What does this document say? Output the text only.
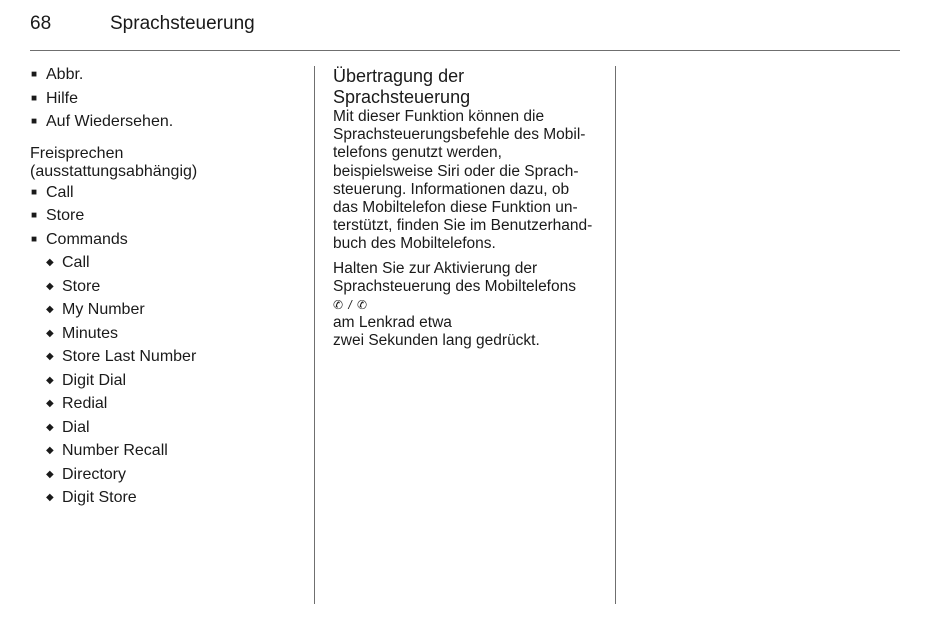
68	Sprachsteuerung
■ Abbr.
■ Hilfe
■ Auf Wiedersehen.
Freisprechen
(ausstattungsabhängig)
■ Call
■ Store
■ Commands
◆ Call
◆ Store
◆ My Number
◆ Minutes
◆ Store Last Number
◆ Digit Dial
◆ Redial
◆ Dial
◆ Number Recall
◆ Directory
◆ Digit Store
Übertragung der
Sprachsteuerung

Mit dieser Funktion können die
Sprachsteuerungsbefehle des Mobil-
telefons genutzt werden,
beispielsweise Siri oder die Sprach-
steuerung. Informationen dazu, ob
das Mobiltelefon diese Funktion un-
terstützt, finden Sie im Benutzerhand-
buch des Mobiltelefons.

Halten Sie zur Aktivierung der
Sprachsteuerung des Mobiltelefons
✆ / ✆
am Lenkrad etwa
zwei Sekunden lang gedrückt.
